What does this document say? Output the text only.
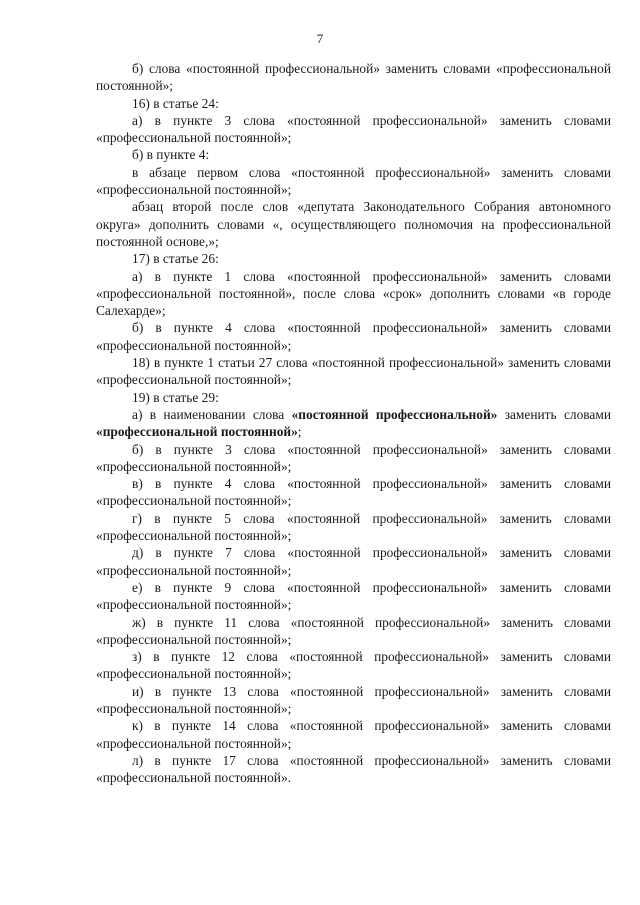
7

б) слова «постоянной профессиональной» заменить словами «профессиональной постоянной»;

16) в статье 24:

а) в пункте 3 слова «постоянной профессиональной» заменить словами «профессиональной постоянной»;

б) в пункте 4:

в абзаце первом слова «постоянной профессиональной» заменить словами «профессиональной постоянной»;

абзац второй после слов «депутата Законодательного Собрания автономного округа» дополнить словами «, осуществляющего полномочия на профессиональной постоянной основе,»;

17) в статье 26:

а) в пункте 1 слова «постоянной профессиональной» заменить словами «профессиональной постоянной», после слова «срок» дополнить словами «в городе Салехарде»;

б) в пункте 4 слова «постоянной профессиональной» заменить словами «профессиональной постоянной»;

18) в пункте 1 статьи 27 слова «постоянной профессиональной» заменить словами «профессиональной постоянной»;

19) в статье 29:

а) в наименовании слова «постоянной профессиональной» заменить словами «профессиональной постоянной»;

б) в пункте 3 слова «постоянной профессиональной» заменить словами «профессиональной постоянной»;

в) в пункте 4 слова «постоянной профессиональной» заменить словами «профессиональной постоянной»;

г) в пункте 5 слова «постоянной профессиональной» заменить словами «профессиональной постоянной»;

д) в пункте 7 слова «постоянной профессиональной» заменить словами «профессиональной постоянной»;

е) в пункте 9 слова «постоянной профессиональной» заменить словами «профессиональной постоянной»;

ж) в пункте 11 слова «постоянной профессиональной» заменить словами «профессиональной постоянной»;

з) в пункте 12 слова «постоянной профессиональной» заменить словами «профессиональной постоянной»;

и) в пункте 13 слова «постоянной профессиональной» заменить словами «профессиональной постоянной»;

к) в пункте 14 слова «постоянной профессиональной» заменить словами «профессиональной постоянной»;

л) в пункте 17 слова «постоянной профессиональной» заменить словами «профессиональной постоянной».
